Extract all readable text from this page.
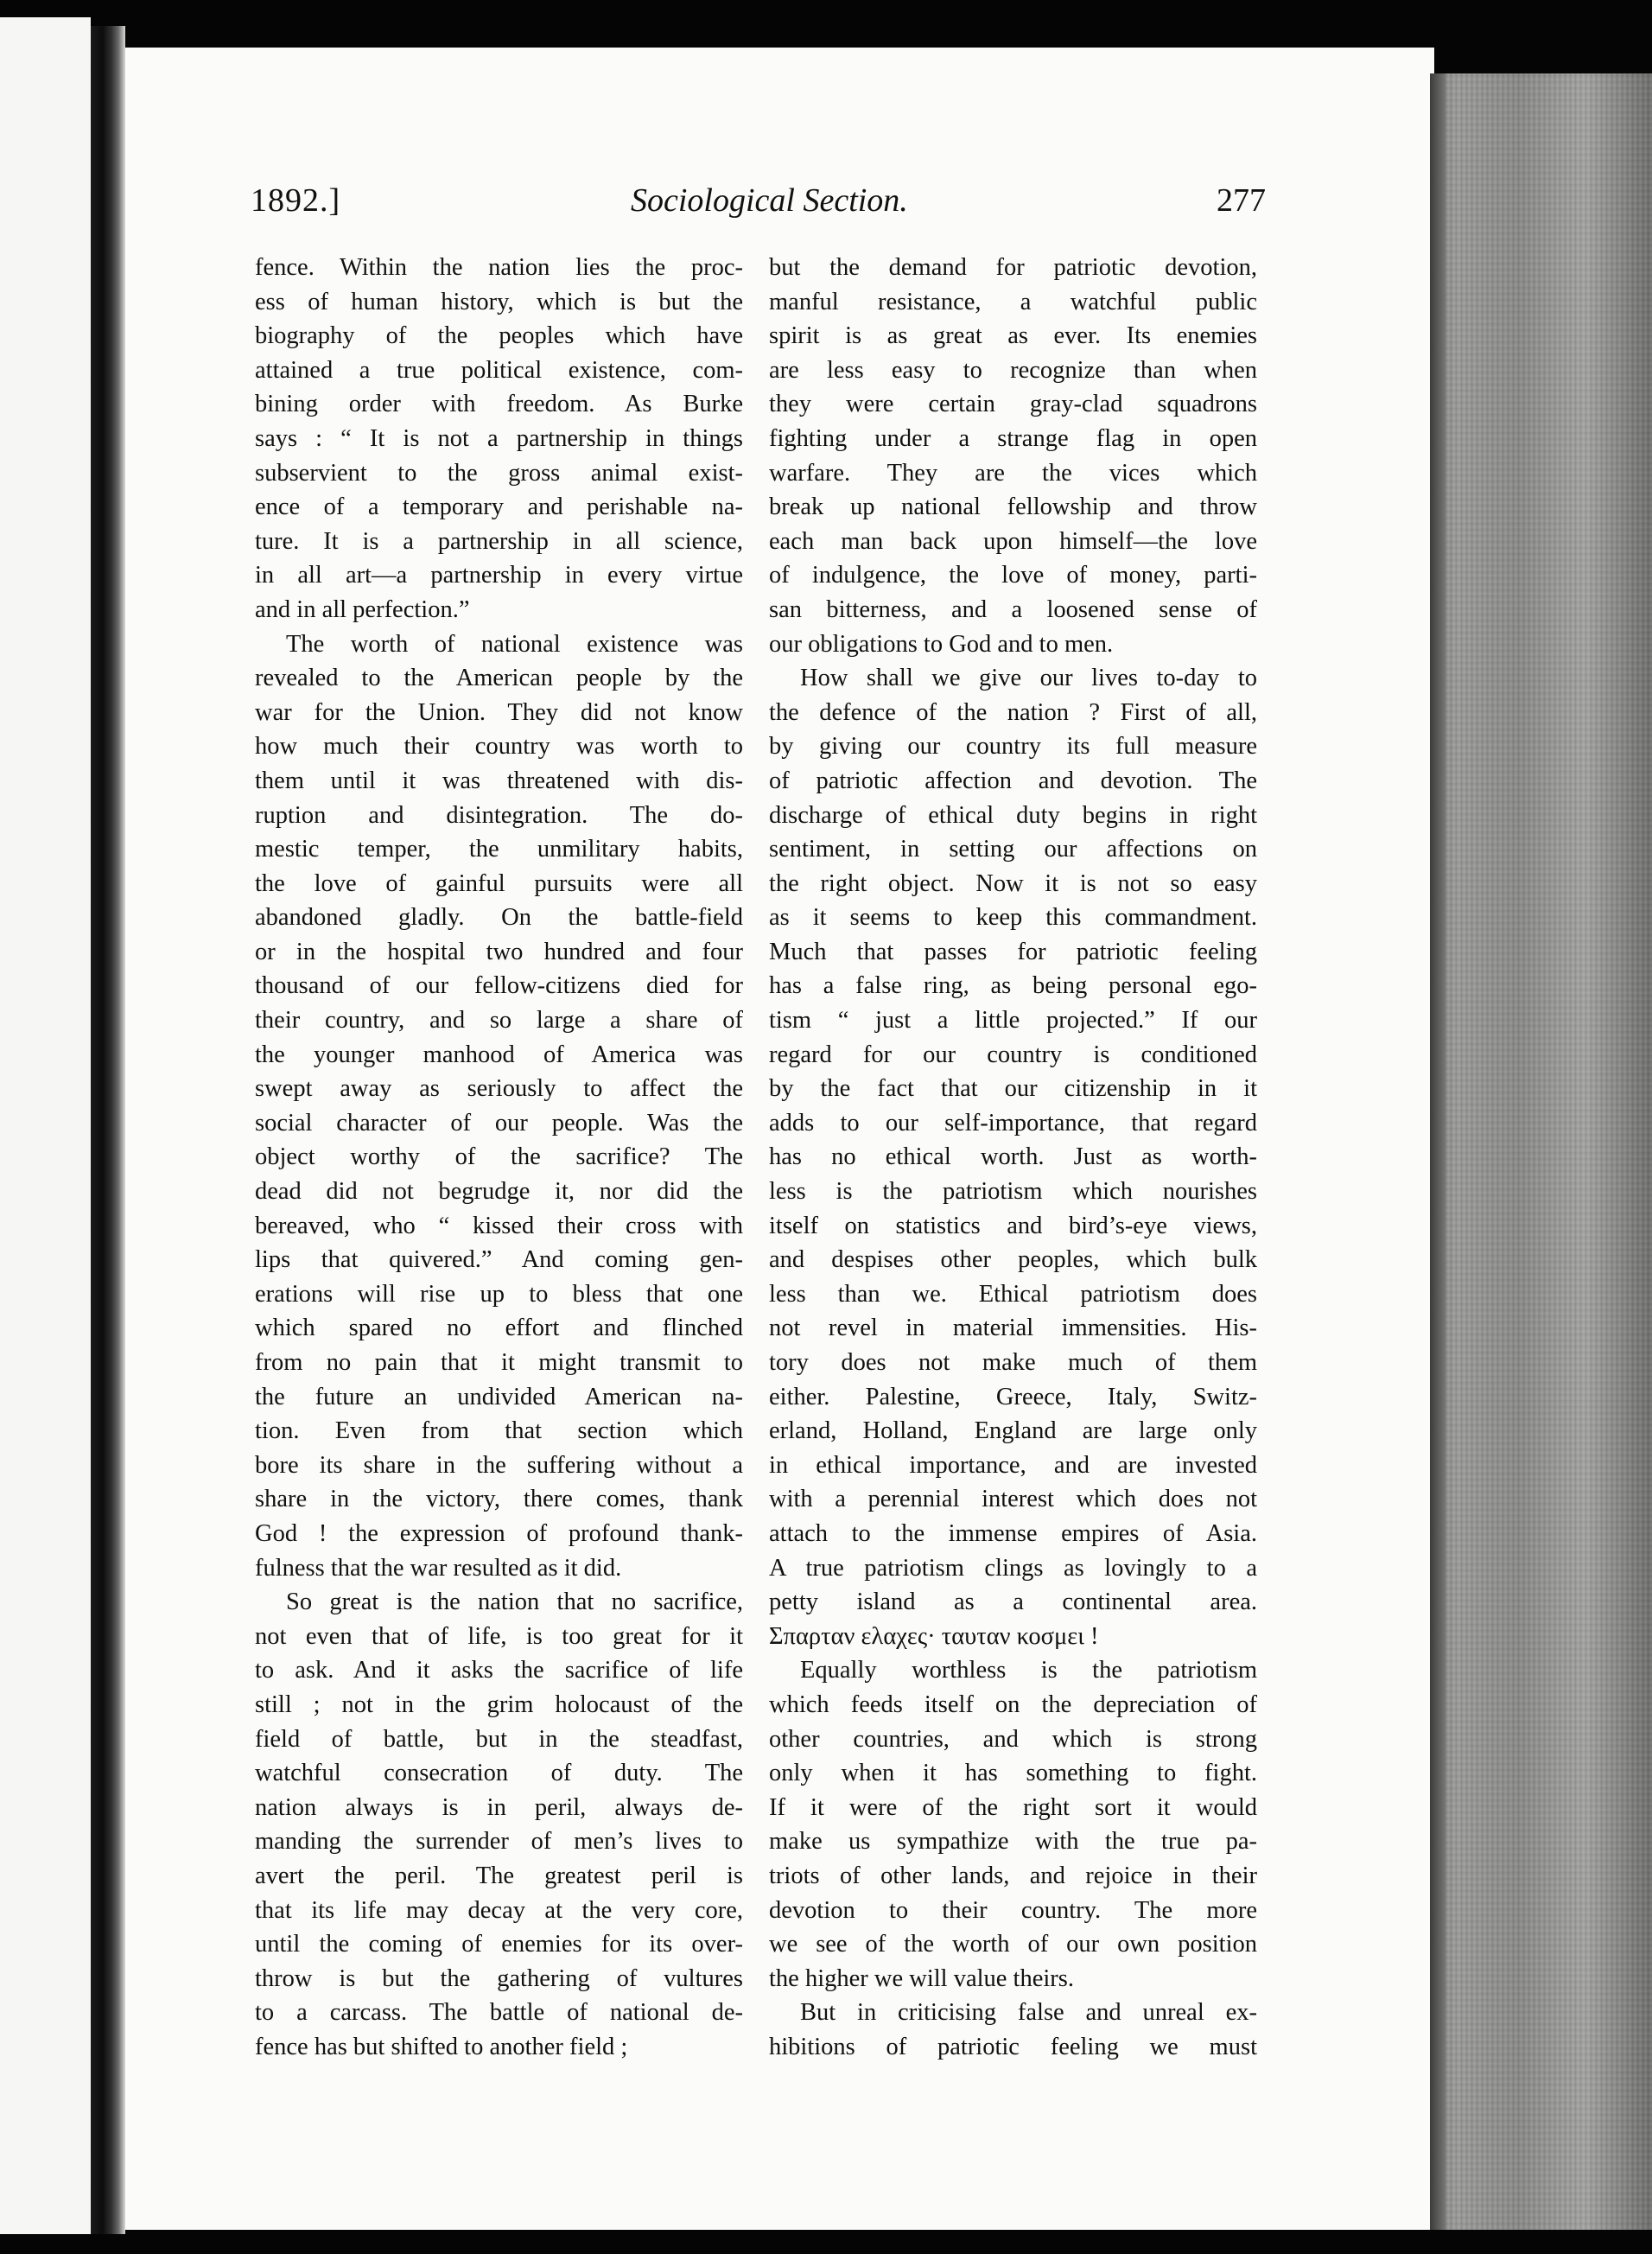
1892.]	Sociological Section.	277
fence. Within the nation lies the proc-
ess of human history, which is but the
biography of the peoples which have
attained a true political existence, com-
bining order with freedom. As Burke
says : “ It is not a partnership in things
subservient to the gross animal exist-
ence of a temporary and perishable na-
ture. It is a partnership in all science,
in all art—a partnership in every virtue
and in all perfection.”
The worth of national existence was
revealed to the American people by the
war for the Union. They did not know
how much their country was worth to
them until it was threatened with dis-
ruption and disintegration. The do-
mestic temper, the unmilitary habits,
the love of gainful pursuits were all
abandoned gladly. On the battle-field
or in the hospital two hundred and four
thousand of our fellow-citizens died for
their country, and so large a share of
the younger manhood of America was
swept away as seriously to affect the
social character of our people. Was the
object worthy of the sacrifice? The
dead did not begrudge it, nor did the
bereaved, who “ kissed their cross with
lips that quivered.” And coming gen-
erations will rise up to bless that one
which spared no effort and flinched
from no pain that it might transmit to
the future an undivided American na-
tion. Even from that section which
bore its share in the suffering without a
share in the victory, there comes, thank
God ! the expression of profound thank-
fulness that the war resulted as it did.
So great is the nation that no sacrifice,
not even that of life, is too great for it
to ask. And it asks the sacrifice of life
still ; not in the grim holocaust of the
field of battle, but in the steadfast,
watchful consecration of duty. The
nation always is in peril, always de-
manding the surrender of men’s lives to
avert the peril. The greatest peril is
that its life may decay at the very core,
until the coming of enemies for its over-
throw is but the gathering of vultures
to a carcass. The battle of national de-
fence has but shifted to another field ;
but the demand for patriotic devotion,
manful resistance, a watchful public
spirit is as great as ever. Its enemies
are less easy to recognize than when
they were certain gray-clad squadrons
fighting under a strange flag in open
warfare. They are the vices which
break up national fellowship and throw
each man back upon himself—the love
of indulgence, the love of money, parti-
san bitterness, and a loosened sense of
our obligations to God and to men.
How shall we give our lives to-day to
the defence of the nation ? First of all,
by giving our country its full measure
of patriotic affection and devotion. The
discharge of ethical duty begins in right
sentiment, in setting our affections on
the right object. Now it is not so easy
as it seems to keep this commandment.
Much that passes for patriotic feeling
has a false ring, as being personal ego-
tism “ just a little projected.” If our
regard for our country is conditioned
by the fact that our citizenship in it
adds to our self-importance, that regard
has no ethical worth. Just as worth-
less is the patriotism which nourishes
itself on statistics and bird’s-eye views,
and despises other peoples, which bulk
less than we. Ethical patriotism does
not revel in material immensities. His-
tory does not make much of them
either. Palestine, Greece, Italy, Switz-
erland, Holland, England are large only
in ethical importance, and are invested
with a perennial interest which does not
attach to the immense empires of Asia.
A true patriotism clings as lovingly to a
petty island as a continental area.
Σπαρταν ελαχες· ταυταν κοσμει !
Equally worthless is the patriotism
which feeds itself on the depreciation of
other countries, and which is strong
only when it has something to fight.
If it were of the right sort it would
make us sympathize with the true pa-
triots of other lands, and rejoice in their
devotion to their country. The more
we see of the worth of our own position
the higher we will value theirs.
But in criticising false and unreal ex-
hibitions of patriotic feeling we must
